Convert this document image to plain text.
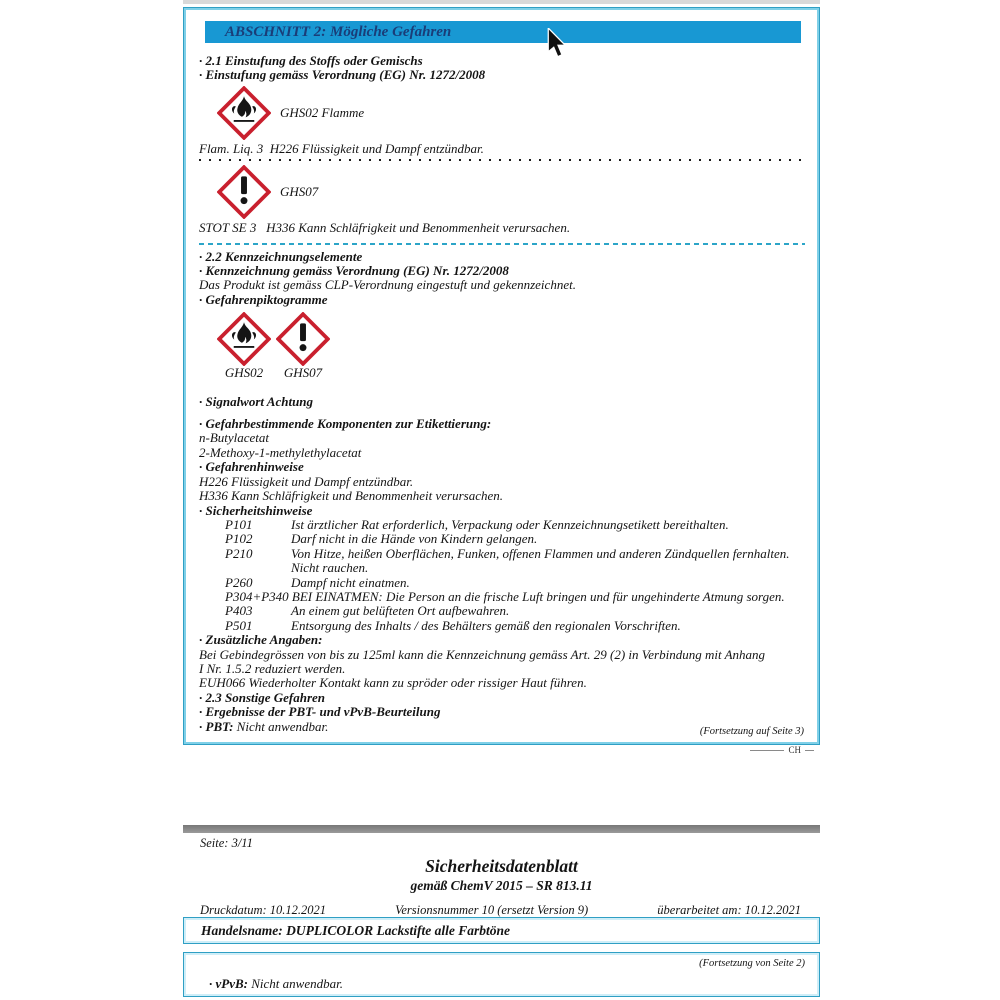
ABSCHNITT 2: Mögliche Gefahren
· 2.1 Einstufung des Stoffs oder Gemischs
· Einstufung gemäss Verordnung (EG) Nr. 1272/2008
GHS02 Flamme
Flam. Liq. 3  H226 Flüssigkeit und Dampf entzündbar.
GHS07
STOT SE 3   H336 Kann Schläfrigkeit und Benommenheit verursachen.
· 2.2 Kennzeichnungselemente
· Kennzeichnung gemäss Verordnung (EG) Nr. 1272/2008
Das Produkt ist gemäss CLP-Verordnung eingestuft und gekennzeichnet.
· Gefahrenpiktogramme
GHS02 GHS07
· Signalwort Achtung
· Gefahrbestimmende Komponenten zur Etikettierung:
n-Butylacetat
2-Methoxy-1-methylethylacetat
· Gefahrenhinweise
H226 Flüssigkeit und Dampf entzündbar.
H336 Kann Schläfrigkeit und Benommenheit verursachen.
· Sicherheitshinweise
P101	Ist ärztlicher Rat erforderlich, Verpackung oder Kennzeichnungsetikett bereithalten.
P102	Darf nicht in die Hände von Kindern gelangen.
P210	Von Hitze, heißen Oberflächen, Funken, offenen Flammen und anderen Zündquellen fernhalten.
Nicht rauchen.
P260	Dampf nicht einatmen.
P304+P340 BEI EINATMEN: Die Person an die frische Luft bringen und für ungehinderte Atmung sorgen.
P403	An einem gut belüfteten Ort aufbewahren.
P501	Entsorgung des Inhalts / des Behälters gemäß den regionalen Vorschriften.
· Zusätzliche Angaben:
Bei Gebindegrössen von bis zu 125ml kann die Kennzeichnung gemäss Art. 29 (2) in Verbindung mit Anhang
I Nr. 1.5.2 reduziert werden.
EUH066 Wiederholter Kontakt kann zu spröder oder rissiger Haut führen.
· 2.3 Sonstige Gefahren
· Ergebnisse der PBT- und vPvB-Beurteilung
· PBT: Nicht anwendbar.	(Fortsetzung auf Seite 3)
CH
Seite: 3/11
Sicherheitsdatenblatt
gemäß ChemV 2015 – SR 813.11
Druckdatum: 10.12.2021	Versionsnummer 10 (ersetzt Version 9)	überarbeitet am: 10.12.2021
Handelsname: DUPLICOLOR Lackstifte alle Farbtöne
(Fortsetzung von Seite 2)
· vPvB: Nicht anwendbar.
